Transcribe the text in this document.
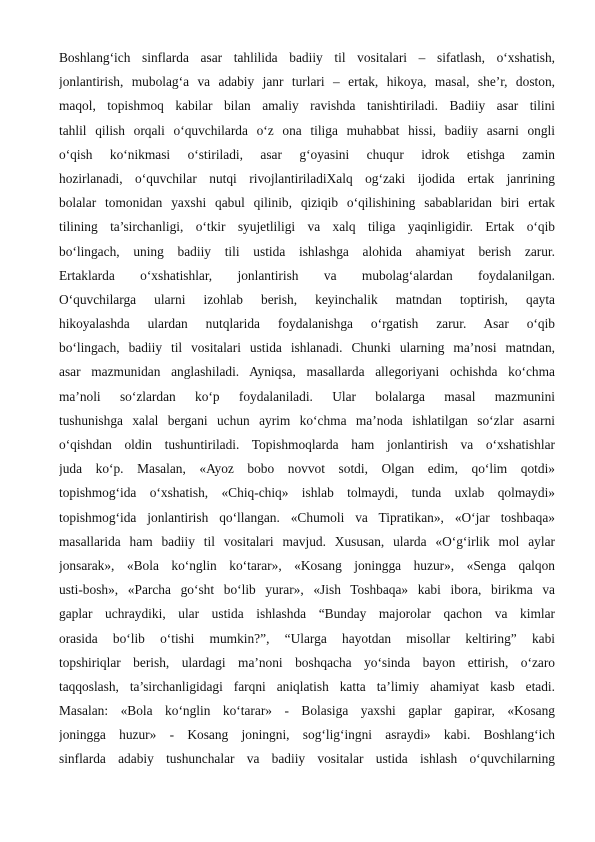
Boshlang‘ich sinflarda asar tahlilida badiiy til vositalari – sifatlash, o‘xshatish,
jonlantirish, mubolag‘a va adabiy janr turlari – ertak, hikoya, masal, she’r, doston,
maqol, topishmoq kabilar bilan amaliy ravishda tanishtiriladi. Badiiy asar tilini
tahlil qilish orqali o‘quvchilarda o‘z ona tiliga muhabbat hissi, badiiy asarni ongli
o‘qish ko‘nikmasi o‘stiriladi, asar g‘oyasini chuqur idrok etishga zamin
hozirlanadi, o‘quvchilar nutqi rivojlantiriladiXalq og‘zaki ijodida ertak janrining
bolalar tomonidan yaxshi qabul qilinib, qiziqib o‘qilishining sabablaridan biri ertak
tilining ta’sirchanligi, o‘tkir syujetliligi va xalq tiliga yaqinligidir. Ertak o‘qib
bo‘lingach, uning badiiy tili ustida ishlashga alohida ahamiyat berish zarur.
Ertaklarda o‘xshatishlar, jonlantirish va mubolag‘alardan foydalanilgan.
O‘quvchilarga ularni izohlab berish, keyinchalik matndan toptirish, qayta
hikoyalashda ulardan nutqlarida foydalanishga o‘rgatish zarur. Asar o‘qib
bo‘lingach, badiiy til vositalari ustida ishlanadi. Chunki ularning ma’nosi matndan,
asar mazmunidan anglashiladi. Ayniqsa, masallarda allegoriyani ochishda ko‘chma
ma’noli so‘zlardan ko‘p foydalaniladi. Ular bolalarga masal mazmunini
tushunishga xalal bergani uchun ayrim ko‘chma ma’noda ishlatilgan so‘zlar asarni
o‘qishdan oldin tushuntiriladi. Topishmoqlarda ham jonlantirish va o‘xshatishlar
juda ko‘p. Masalan, «Ayoz bobo novvot sotdi, Olgan edim, qo‘lim qotdi»
topishmog‘ida o‘xshatish, «Chiq-chiq» ishlab tolmaydi, tunda uxlab qolmaydi»
topishmog‘ida jonlantirish qo‘llangan. «Chumoli va Tipratikan», «O‘jar toshbaqa»
masallarida ham badiiy til vositalari mavjud. Xususan, ularda «O‘g‘irlik mol aylar
jonsarak», «Bola ko‘nglin ko‘tarar», «Kosang joningga huzur», «Senga qalqon
usti-bosh», «Parcha go‘sht bo‘lib yurar», «Jish Toshbaqa» kabi ibora, birikma va
gaplar uchraydiki, ular ustida ishlashda “Bunday majorolar qachon va kimlar
orasida bo‘lib o‘tishi mumkin?”, “Ularga hayotdan misollar keltiring” kabi
topshiriqlar berish, ulardagi ma’noni boshqacha yo‘sinda bayon ettirish, o‘zaro
taqqoslash, ta’sirchanligidagi farqni aniqlatish katta ta’limiy ahamiyat kasb etadi.
Masalan: «Bola ko‘nglin ko‘tarar» - Bolasiga yaxshi gaplar gapirar, «Kosang
joningga huzur» - Kosang joningni, sog‘lig‘ingni asraydi» kabi. Boshlang‘ich
sinflarda adabiy tushunchalar va badiiy vositalar ustida ishlash o‘quvchilarning
